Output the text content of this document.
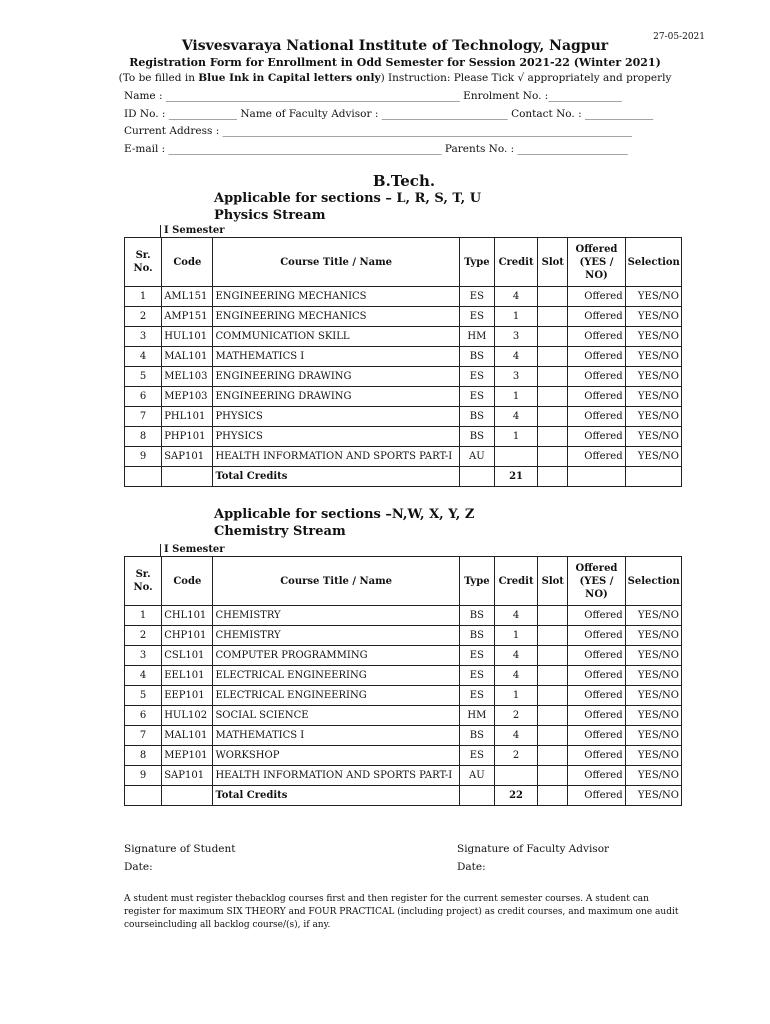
27-05-2021
Visvesvaraya National Institute of Technology, Nagpur
Registration Form for Enrollment in Odd Semester for Session 2021-22 (Winter 2021)
(To be filled in Blue Ink in Capital letters only) Instruction: Please Tick √ appropriately and properly
Name : ________________________________________________________ Enrolment No. :______________
ID No. : _____________ Name of Faculty Advisor : ________________________ Contact No. : _____________
Current Address : ______________________________________________________________________________
E-mail : ____________________________________________________ Parents No. : _____________________
B.Tech.
Applicable for sections – L, R, S, T, U
Physics Stream
I Semester
Sr. No.	Code	Course Title / Name	Type	Credit	Slot	Offered (YES / NO)	Selection
1	AML151	ENGINEERING MECHANICS	ES	4		Offered	YES/NO
2	AMP151	ENGINEERING MECHANICS	ES	1		Offered	YES/NO
3	HUL101	COMMUNICATION SKILL	HM	3		Offered	YES/NO
4	MAL101	MATHEMATICS I	BS	4		Offered	YES/NO
5	MEL103	ENGINEERING DRAWING	ES	3		Offered	YES/NO
6	MEP103	ENGINEERING DRAWING	ES	1		Offered	YES/NO
7	PHL101	PHYSICS	BS	4		Offered	YES/NO
8	PHP101	PHYSICS	BS	1		Offered	YES/NO
9	SAP101	HEALTH INFORMATION AND SPORTS PART-I	AU			Offered	YES/NO
		Total Credits		21			
Applicable for sections –N,W, X, Y, Z
Chemistry Stream
I Semester
Sr. No.	Code	Course Title / Name	Type	Credit	Slot	Offered (YES / NO)	Selection
1	CHL101	CHEMISTRY	BS	4		Offered	YES/NO
2	CHP101	CHEMISTRY	BS	1		Offered	YES/NO
3	CSL101	COMPUTER PROGRAMMING	ES	4		Offered	YES/NO
4	EEL101	ELECTRICAL ENGINEERING	ES	4		Offered	YES/NO
5	EEP101	ELECTRICAL ENGINEERING	ES	1		Offered	YES/NO
6	HUL102	SOCIAL SCIENCE	HM	2		Offered	YES/NO
7	MAL101	MATHEMATICS I	BS	4		Offered	YES/NO
8	MEP101	WORKSHOP	ES	2		Offered	YES/NO
9	SAP101	HEALTH INFORMATION AND SPORTS PART-I	AU			Offered	YES/NO
		Total Credits		22		Offered	YES/NO
Signature of Student	Signature of Faculty Advisor
Date:	Date:
A student must register thebacklog courses first and then register for the current semester courses. A student can register for maximum SIX THEORY and FOUR PRACTICAL (including project) as credit courses, and maximum one audit courseincluding all backlog course/(s), if any.
